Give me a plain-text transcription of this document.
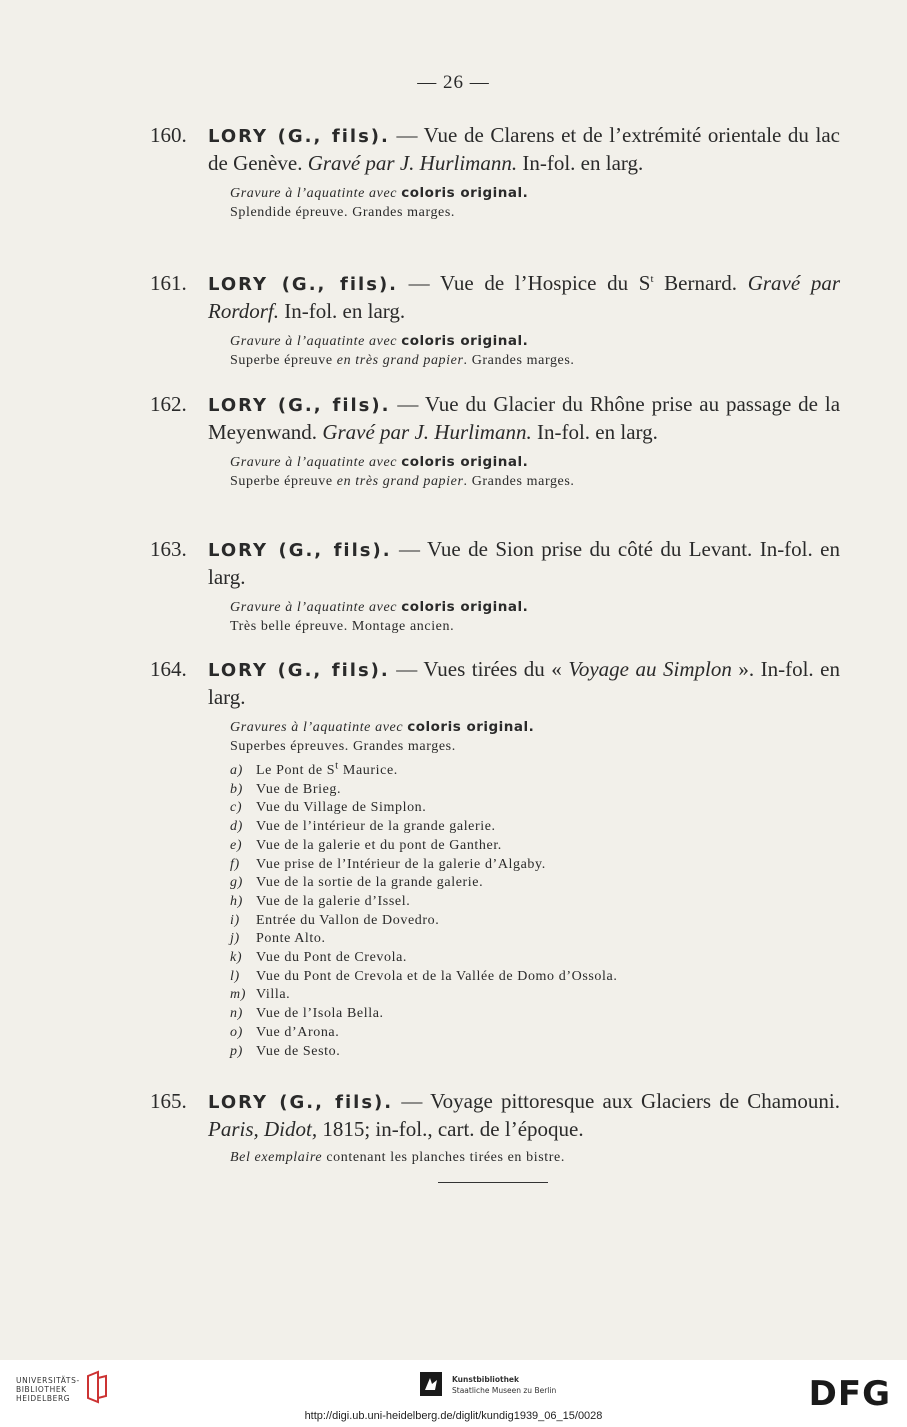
— 26 —

160. LORY (G., fils). — Vue de Clarens et de l’extrémité orientale du lac de Genève. Gravé par J. Hurlimann. In-fol. en larg.

Gravure à l’aquatinte avec coloris original.

Splendide épreuve. Grandes marges.

161. LORY (G., fils). — Vue de l’Hospice du $S^t$ Bernard. Gravé par Rordorf. In-fol. en larg.

Gravure à l’aquatinte avec coloris original.

Superbe épreuve en très grand papier. Grandes marges.

162. LORY (G., fils). — Vue du Glacier du Rhône prise au passage de la Meyenwand. Gravé par J. Hurlimann. In-fol. en larg.

Gravure à l’aquatinte avec coloris original.

Superbe épreuve en très grand papier. Grandes marges.

163. LORY (G., fils). — Vue de Sion prise du côté du Levant. In-fol. en larg.

Gravure à l’aquatinte avec coloris original.

Très belle épreuve. Montage ancien.

164. LORY (G., fils). — Vues tirées du « Voyage au Simplon ». In-fol. en larg.

Gravures à l’aquatinte avec coloris original.

Superbes épreuves. Grandes marges.

a) Le Pont de $S^t$ Maurice.
b) Vue de Brieg.
c) Vue du Village de Simplon.
d) Vue de l’intérieur de la grande galerie.
e) Vue de la galerie et du pont de Ganther.
f) Vue prise de l’Intérieur de la galerie d’Algaby.
g) Vue de la sortie de la grande galerie.
h) Vue de la galerie d’Issel.
i) Entrée du Vallon de Dovedro.
j) Ponte Alto.
k) Vue du Pont de Crevola.
l) Vue du Pont de Crevola et de la Vallée de Domo d’Ossola.
m) Villa.
n) Vue de l’Isola Bella.
o) Vue d’Arona.
p) Vue de Sesto.

165. LORY (G., fils). — Voyage pittoresque aux Glaciers de Chamouni. Paris, Didot, 1815; in-fol., cart. de l’époque.

Bel exemplaire contenant les planches tirées en bistre.

UNIVERSITÄTS-
BIBLIOTHEK
HEIDELBERG
Kunstbibliothek
Staatliche Museen zu Berlin	DFG
http://digi.ub.uni-heidelberg.de/diglit/kundig1939_06_15/0028
